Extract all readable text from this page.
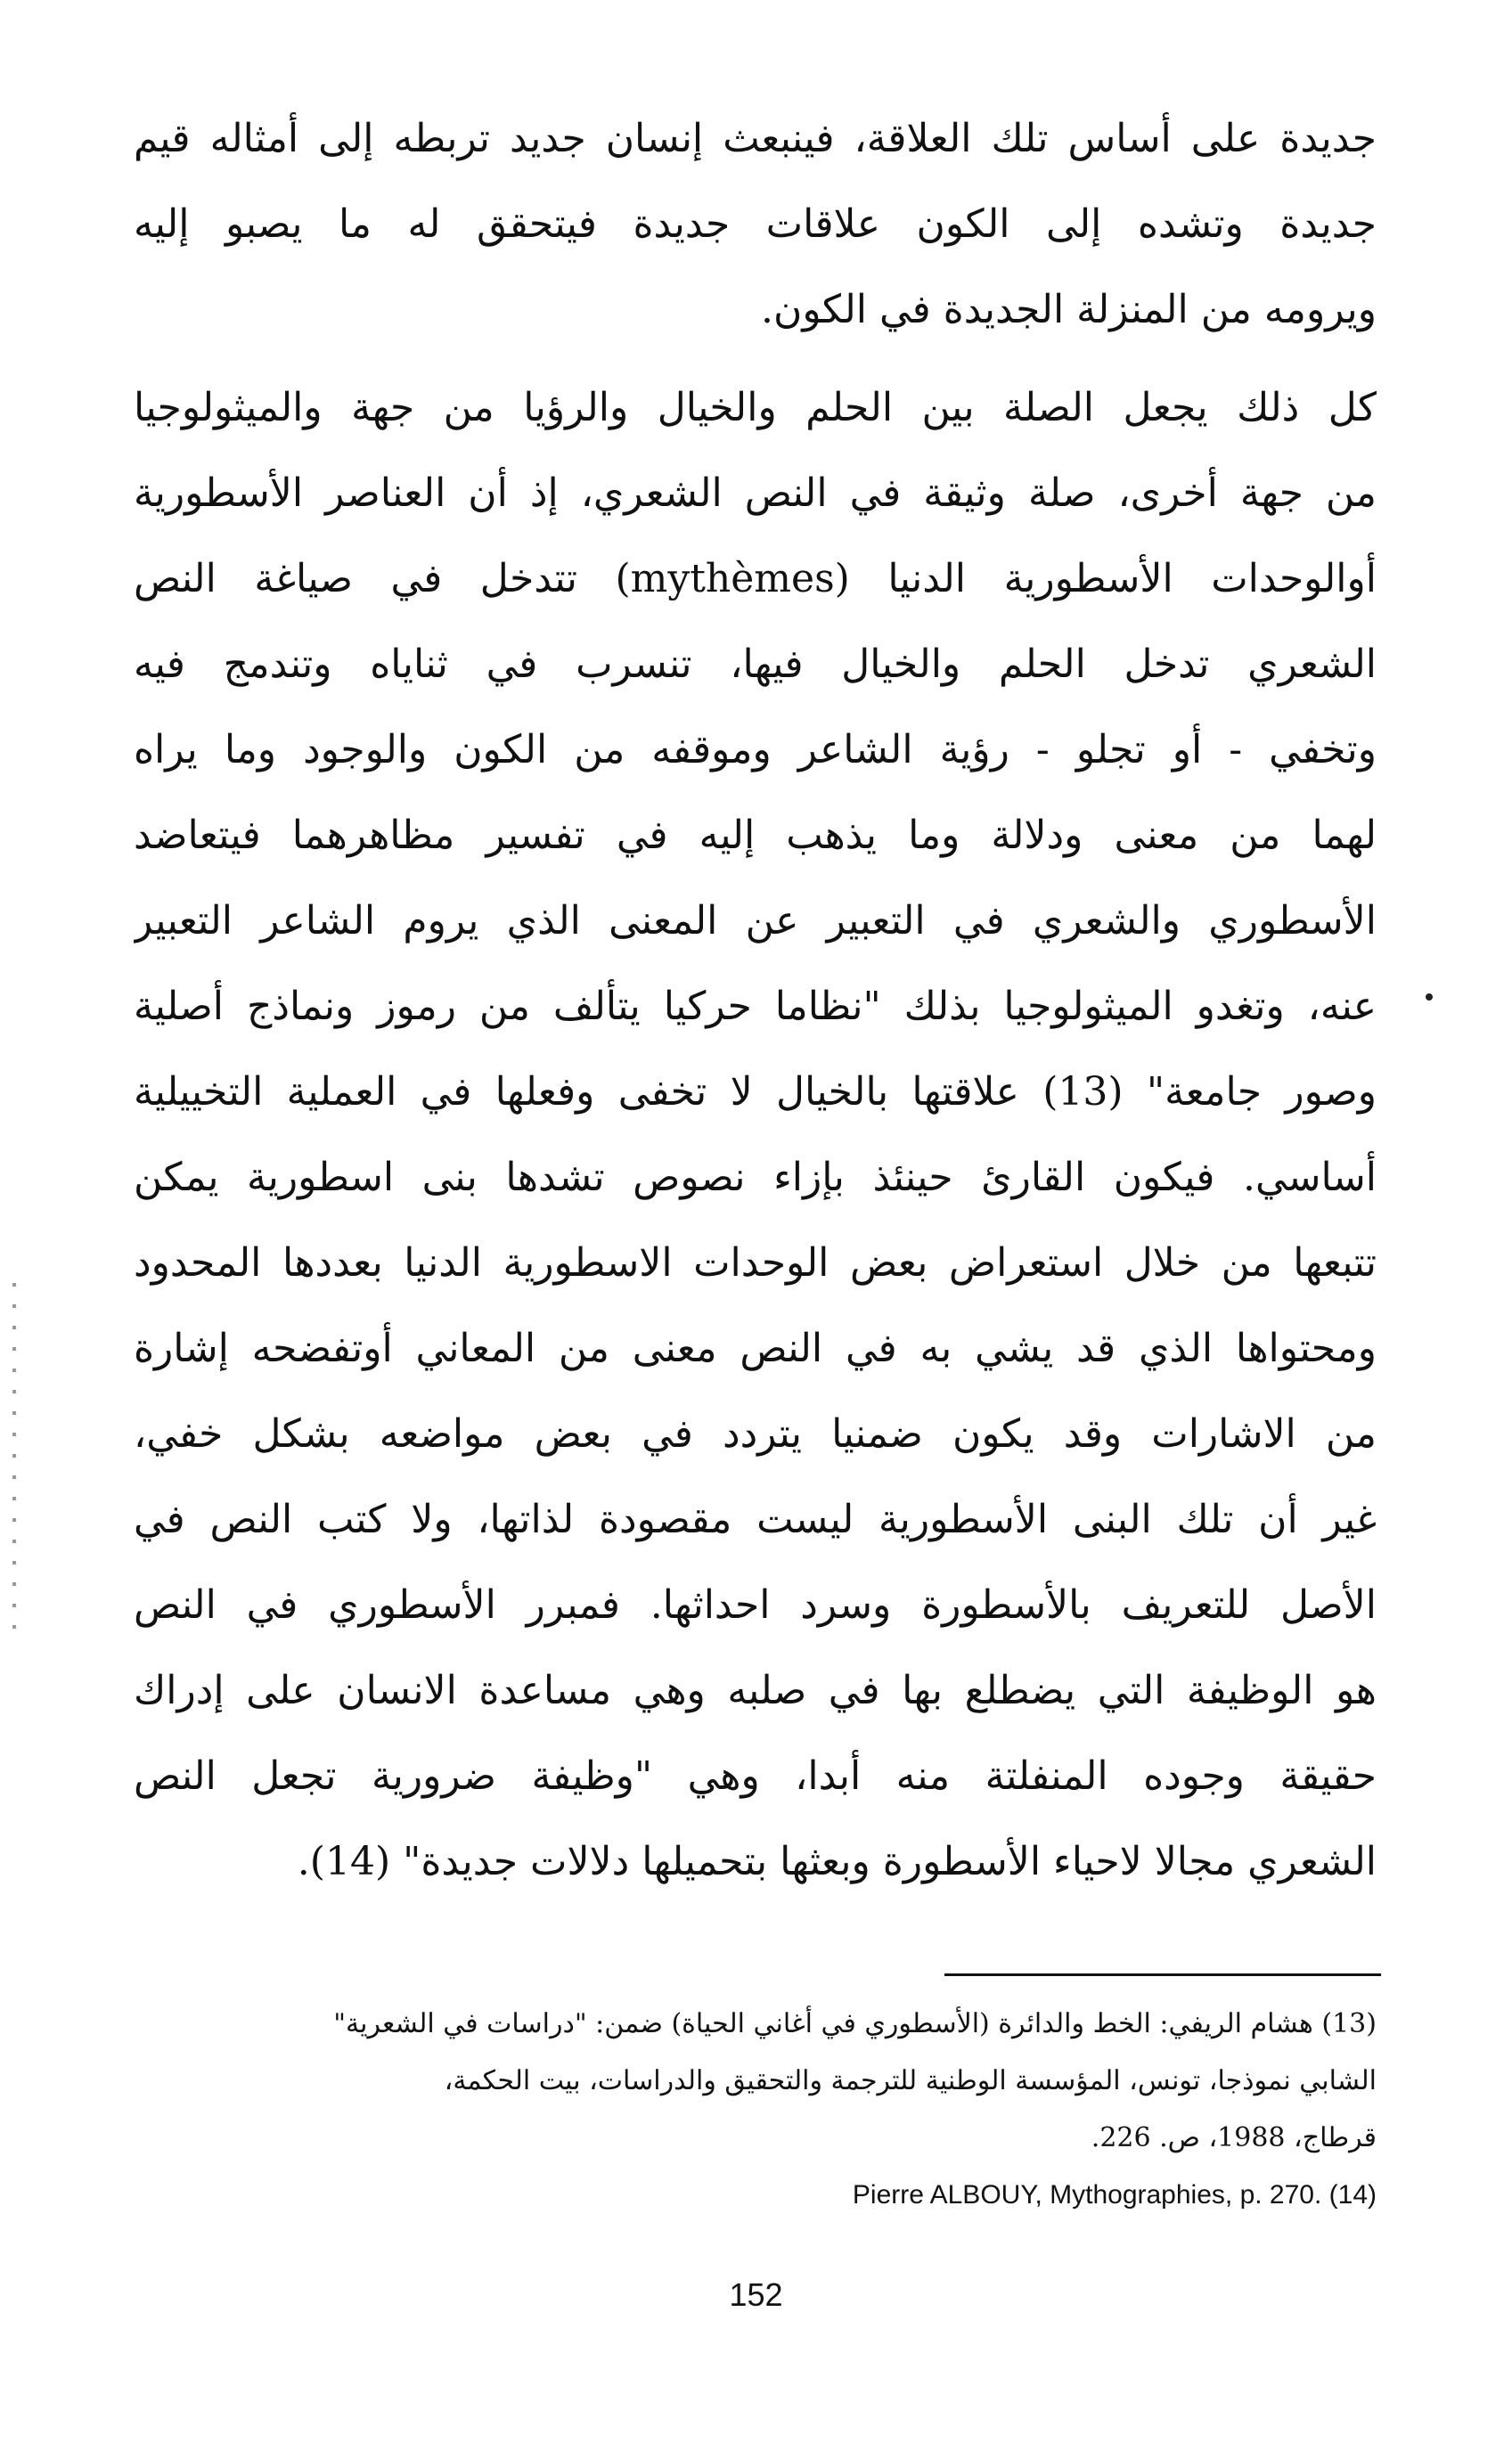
جديدة على أساس تلك العلاقة، فينبعث إنسان جديد تربطه إلى أمثاله قيم
جديدة وتشده إلى الكون علاقات جديدة فيتحقق له ما يصبو إليه
ويرومه من المنزلة الجديدة في الكون.
كل ذلك يجعل الصلة بين الحلم والخيال والرؤيا من جهة والميثولوجيا
من جهة أخرى، صلة وثيقة في النص الشعري، إذ أن العناصر الأسطورية
أوالوحدات الأسطورية الدنيا (mythèmes) تتدخل في صياغة النص
الشعري تدخل الحلم والخيال فيها، تنسرب في ثناياه وتندمج فيه
وتخفي - أو تجلو - رؤية الشاعر وموقفه من الكون والوجود وما يراه
لهما من معنى ودلالة وما يذهب إليه في تفسير مظاهرهما فيتعاضد
الأسطوري والشعري في التعبير عن المعنى الذي يروم الشاعر التعبير
عنه، وتغدو الميثولوجيا بذلك "نظاما حركيا يتألف من رموز ونماذج أصلية
وصور جامعة" (13) علاقتها بالخيال لا تخفى وفعلها في العملية التخييلية
أساسي. فيكون القارئ حينئذ بإزاء نصوص تشدها بنى اسطورية يمكن
تتبعها من خلال استعراض بعض الوحدات الاسطورية الدنيا بعددها المحدود
ومحتواها الذي قد يشي به في النص معنى من المعاني أوتفضحه إشارة
من الاشارات وقد يكون ضمنيا يتردد في بعض مواضعه بشكل خفي،
غير أن تلك البنى الأسطورية ليست مقصودة لذاتها، ولا كتب النص في
الأصل للتعريف بالأسطورة وسرد احداثها. فمبرر الأسطوري في النص
هو الوظيفة التي يضطلع بها في صلبه وهي مساعدة الانسان على إدراك
حقيقة وجوده المنفلتة منه أبدا، وهي "وظيفة ضرورية تجعل النص
الشعري مجالا لاحياء الأسطورة وبعثها بتحميلها دلالات جديدة" (14).
(13) هشام الريفي: الخط والدائرة (الأسطوري في أغاني الحياة) ضمن: "دراسات في الشعرية"
الشابي نموذجا، تونس، المؤسسة الوطنية للترجمة والتحقيق والدراسات، بيت الحكمة،
قرطاج، 1988، ص. 226.
Pierre ALBOUY, Mythographies, p. 270. (14)
152
